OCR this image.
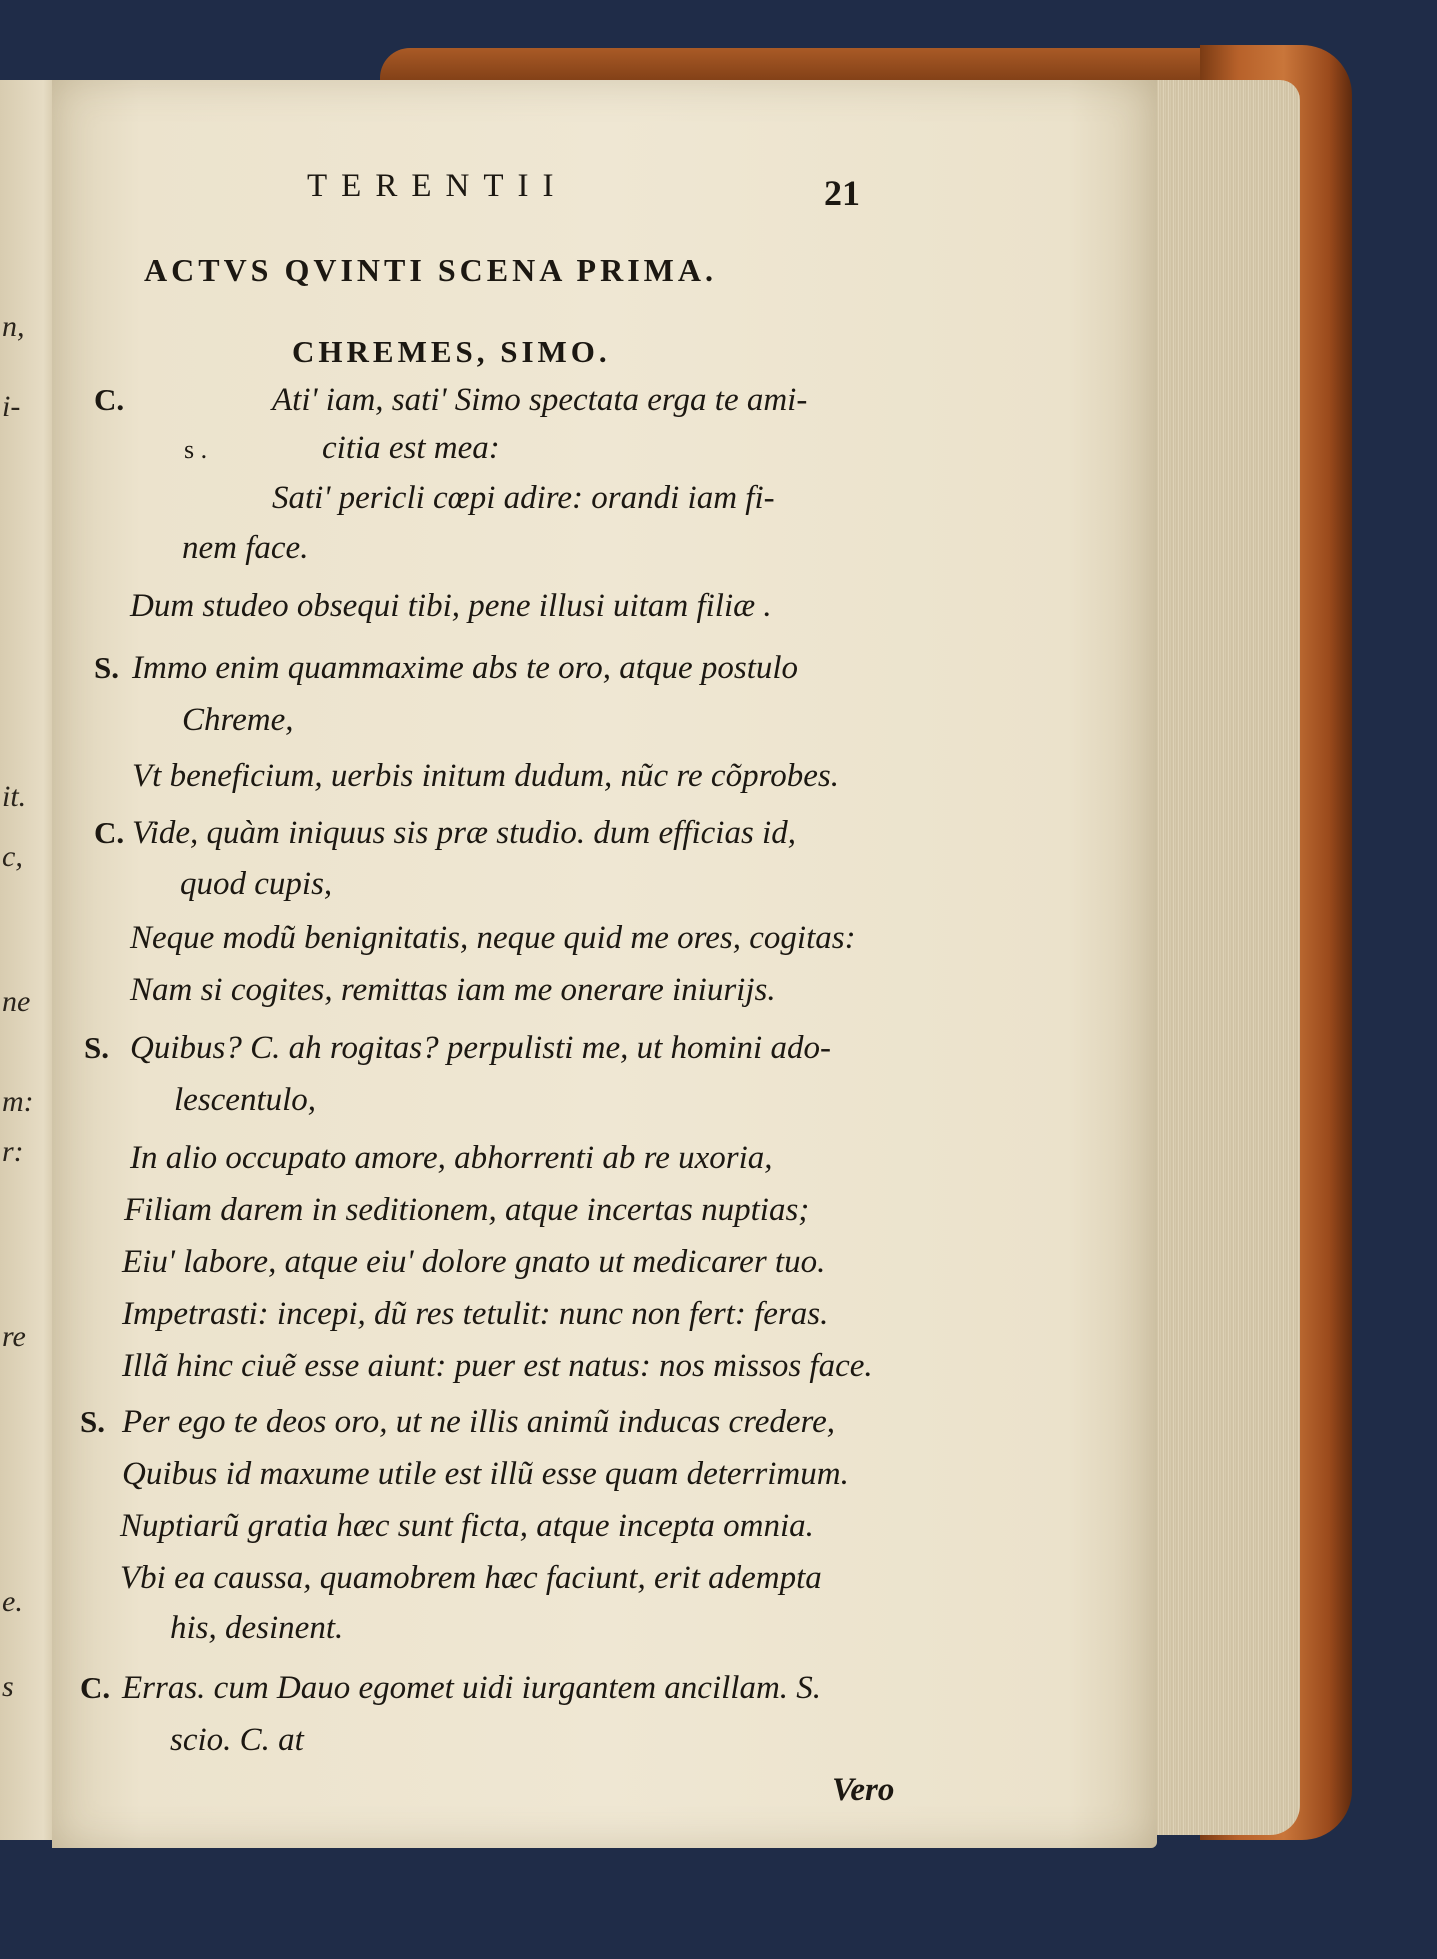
n,
i-
it.
c,
ne
m:
r:
re
e.
s
TERENTII	21
ACTVS QVINTI SCENA PRIMA.
CHREMES, SIMO.
C.	Ati' iam, sati' Simo spectata erga te ami-
s .	citia est mea:
Sati' pericli cœpi adire: orandi iam fi-
nem face.
Dum studeo obsequi tibi, pene illusi uitam filiæ .
S. Immo enim quammaxime abs te oro, atque postulo
Chreme,
Vt beneficium, uerbis initum dudum, nũc re cõprobes.
C. Vide, quàm iniquus sis præ studio. dum efficias id,
quod cupis,
Neque modũ benignitatis, neque quid me ores, cogitas:
Nam si cogites, remittas iam me onerare iniurijs.
S. Quibus? C. ah rogitas? perpulisti me, ut homini ado-
lescentulo,
In alio occupato amore, abhorrenti ab re uxoria,
Filiam darem in seditionem, atque incertas nuptias;
Eiu' labore, atque eiu' dolore gnato ut medicarer tuo.
Impetrasti: incepi, dũ res tetulit: nunc non fert: feras.
Illã hinc ciuẽ esse aiunt: puer est natus: nos missos face.
S. Per ego te deos oro, ut ne illis animũ inducas credere,
Quibus id maxume utile est illũ esse quam deterrimum.
Nuptiarũ gratia hæc sunt ficta, atque incepta omnia.
Vbi ea caussa, quamobrem hæc faciunt, erit adempta
his, desinent.
C. Erras. cum Dauo egomet uidi iurgantem ancillam. S.
scio. C. at
Vero
